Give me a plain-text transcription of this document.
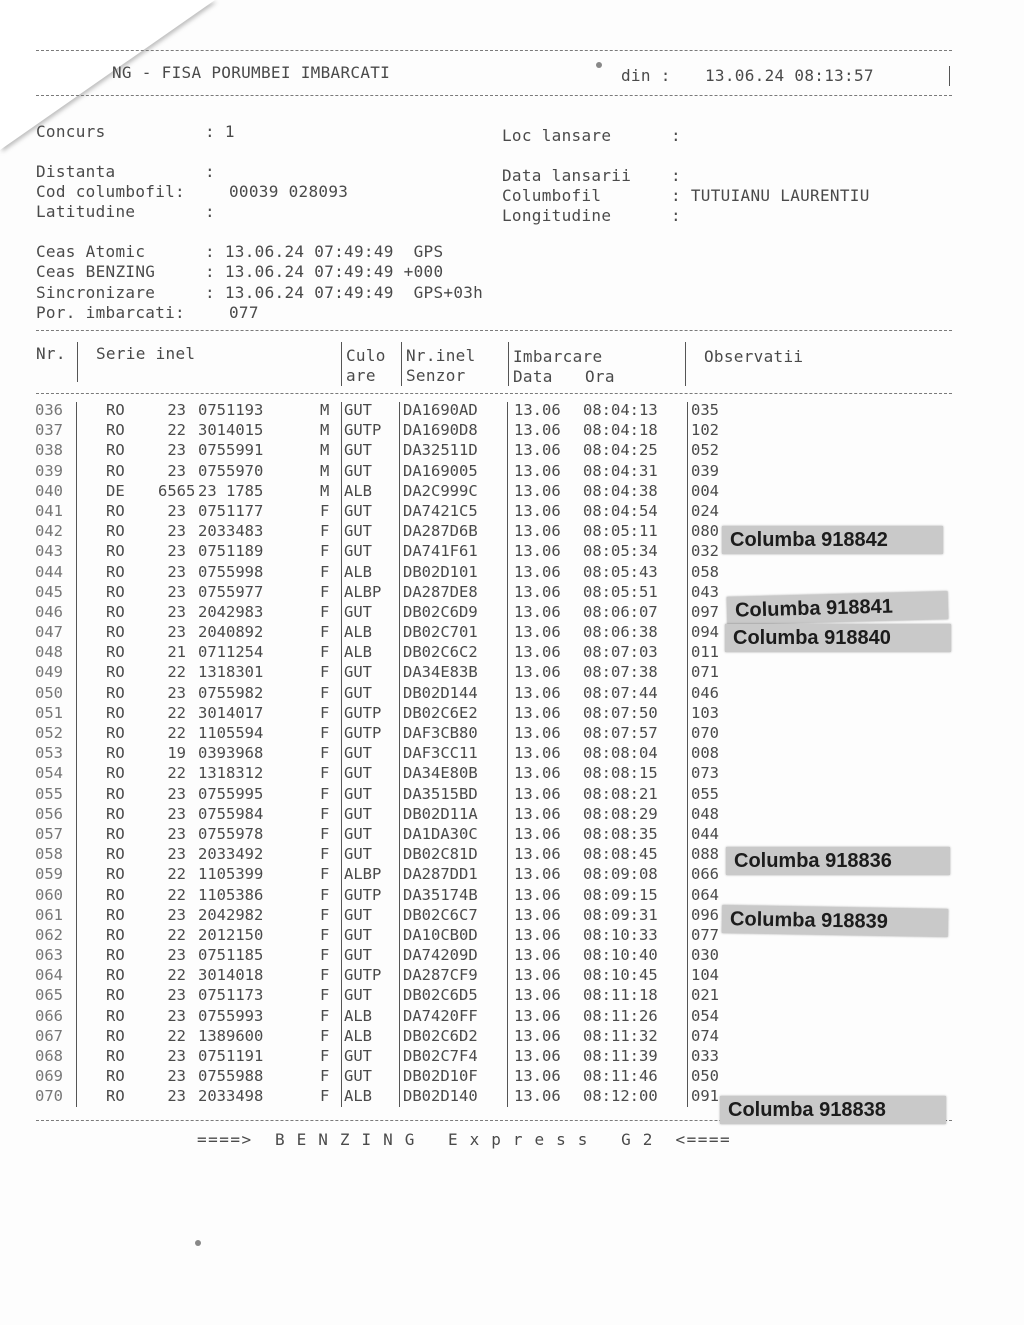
NG - FISA PORUMBEI IMBARCATI	din : 13.06.24 08:13:57
Concurs	: 1	Loc lansare	:
Distanta	:	Data lansarii :
Cod columbofil:	00039 028093	Columbofil	: TUTUIANU LAURENTIU
Latitudine	:	Longitudine	:
Ceas Atomic	: 13.06.24 07:49:49  GPS
Ceas BENZING	: 13.06.24 07:49:49 +000
Sincronizare	: 13.06.24 07:49:49  GPS+03h
Por. imbarcati:	077
Nr. Serie inel	Culo
are
Nr.inel
Senzor
Imbarcare
Data Ora
Observatii
036	RO	23 0751193	M GUT DA1690AD 13.06 08:04:13 035
037	RO	22 3014015	M GUTP DA1690D8 13.06 08:04:18 102
038	RO	23 0755991	M GUT DA32511D 13.06 08:04:25 052
039	RO	23 0755970	M GUT DA169005 13.06 08:04:31 039
040	DE 6565 23 1785	M ALB DA2C999C 13.06 08:04:38 004
041	RO	23 0751177	F GUT DA7421C5 13.06 08:04:54 024
042	RO	23 2033483	F GUT DA287D6B 13.06 08:05:11 080
043	RO	23 0751189	F GUT DA741F61 13.06 08:05:34 032
044	RO	23 0755998	F ALB DB02D101 13.06 08:05:43 058
045	RO	23 0755977	F ALBP DA287DE8 13.06 08:05:51 043
046	RO	23 2042983	F GUT DB02C6D9 13.06 08:06:07 097
047	RO	23 2040892	F ALB DB02C701 13.06 08:06:38 094
048	RO	21 0711254	F ALB DB02C6C2 13.06 08:07:03 011
049	RO	22 1318301	F GUT DA34E83B 13.06 08:07:38 071
050	RO	23 0755982	F GUT DB02D144 13.06 08:07:44 046
051	RO	22 3014017	F GUTP DB02C6E2 13.06 08:07:50 103
052	RO	22 1105594	F GUTP DAF3CB80 13.06 08:07:57 070
053	RO	19 0393968	F GUT DAF3CC11 13.06 08:08:04 008
054	RO	22 1318312	F GUT DA34E80B 13.06 08:08:15 073
055	RO	23 0755995	F GUT DA3515BD 13.06 08:08:21 055
056	RO	23 0755984	F GUT DB02D11A 13.06 08:08:29 048
057	RO	23 0755978	F GUT DA1DA30C 13.06 08:08:35 044
058	RO	23 2033492	F GUT DB02C81D 13.06 08:08:45 088
059	RO	22 1105399	F ALBP DA287DD1 13.06 08:09:08 066
060	RO	22 1105386	F GUTP DA35174B 13.06 08:09:15 064
061	RO	23 2042982	F GUT DB02C6C7 13.06 08:09:31 096
062	RO	22 2012150	F GUT DA10CB0D 13.06 08:10:33 077
063	RO	23 0751185	F GUT DA74209D 13.06 08:10:40 030
064	RO	22 3014018	F GUTP DA287CF9 13.06 08:10:45 104
065	RO	23 0751173	F GUT DB02C6D5 13.06 08:11:18 021
066	RO	23 0755993	F ALB DA7420FF 13.06 08:11:26 054
067	RO	22 1389600	F ALB DB02C6D2 13.06 08:11:32 074
068	RO	23 0751191	F GUT DB02C7F4 13.06 08:11:39 033
069	RO	23 0755988	F GUT DB02D10F 13.06 08:11:46 050
070	RO	23 2033498	F ALB DB02D140 13.06 08:12:00 091
Columba 918842
Columba 918841
Columba 918840
Columba 918836
Columba 918839
Columba 918838
====> BENZING Express G2 <====
